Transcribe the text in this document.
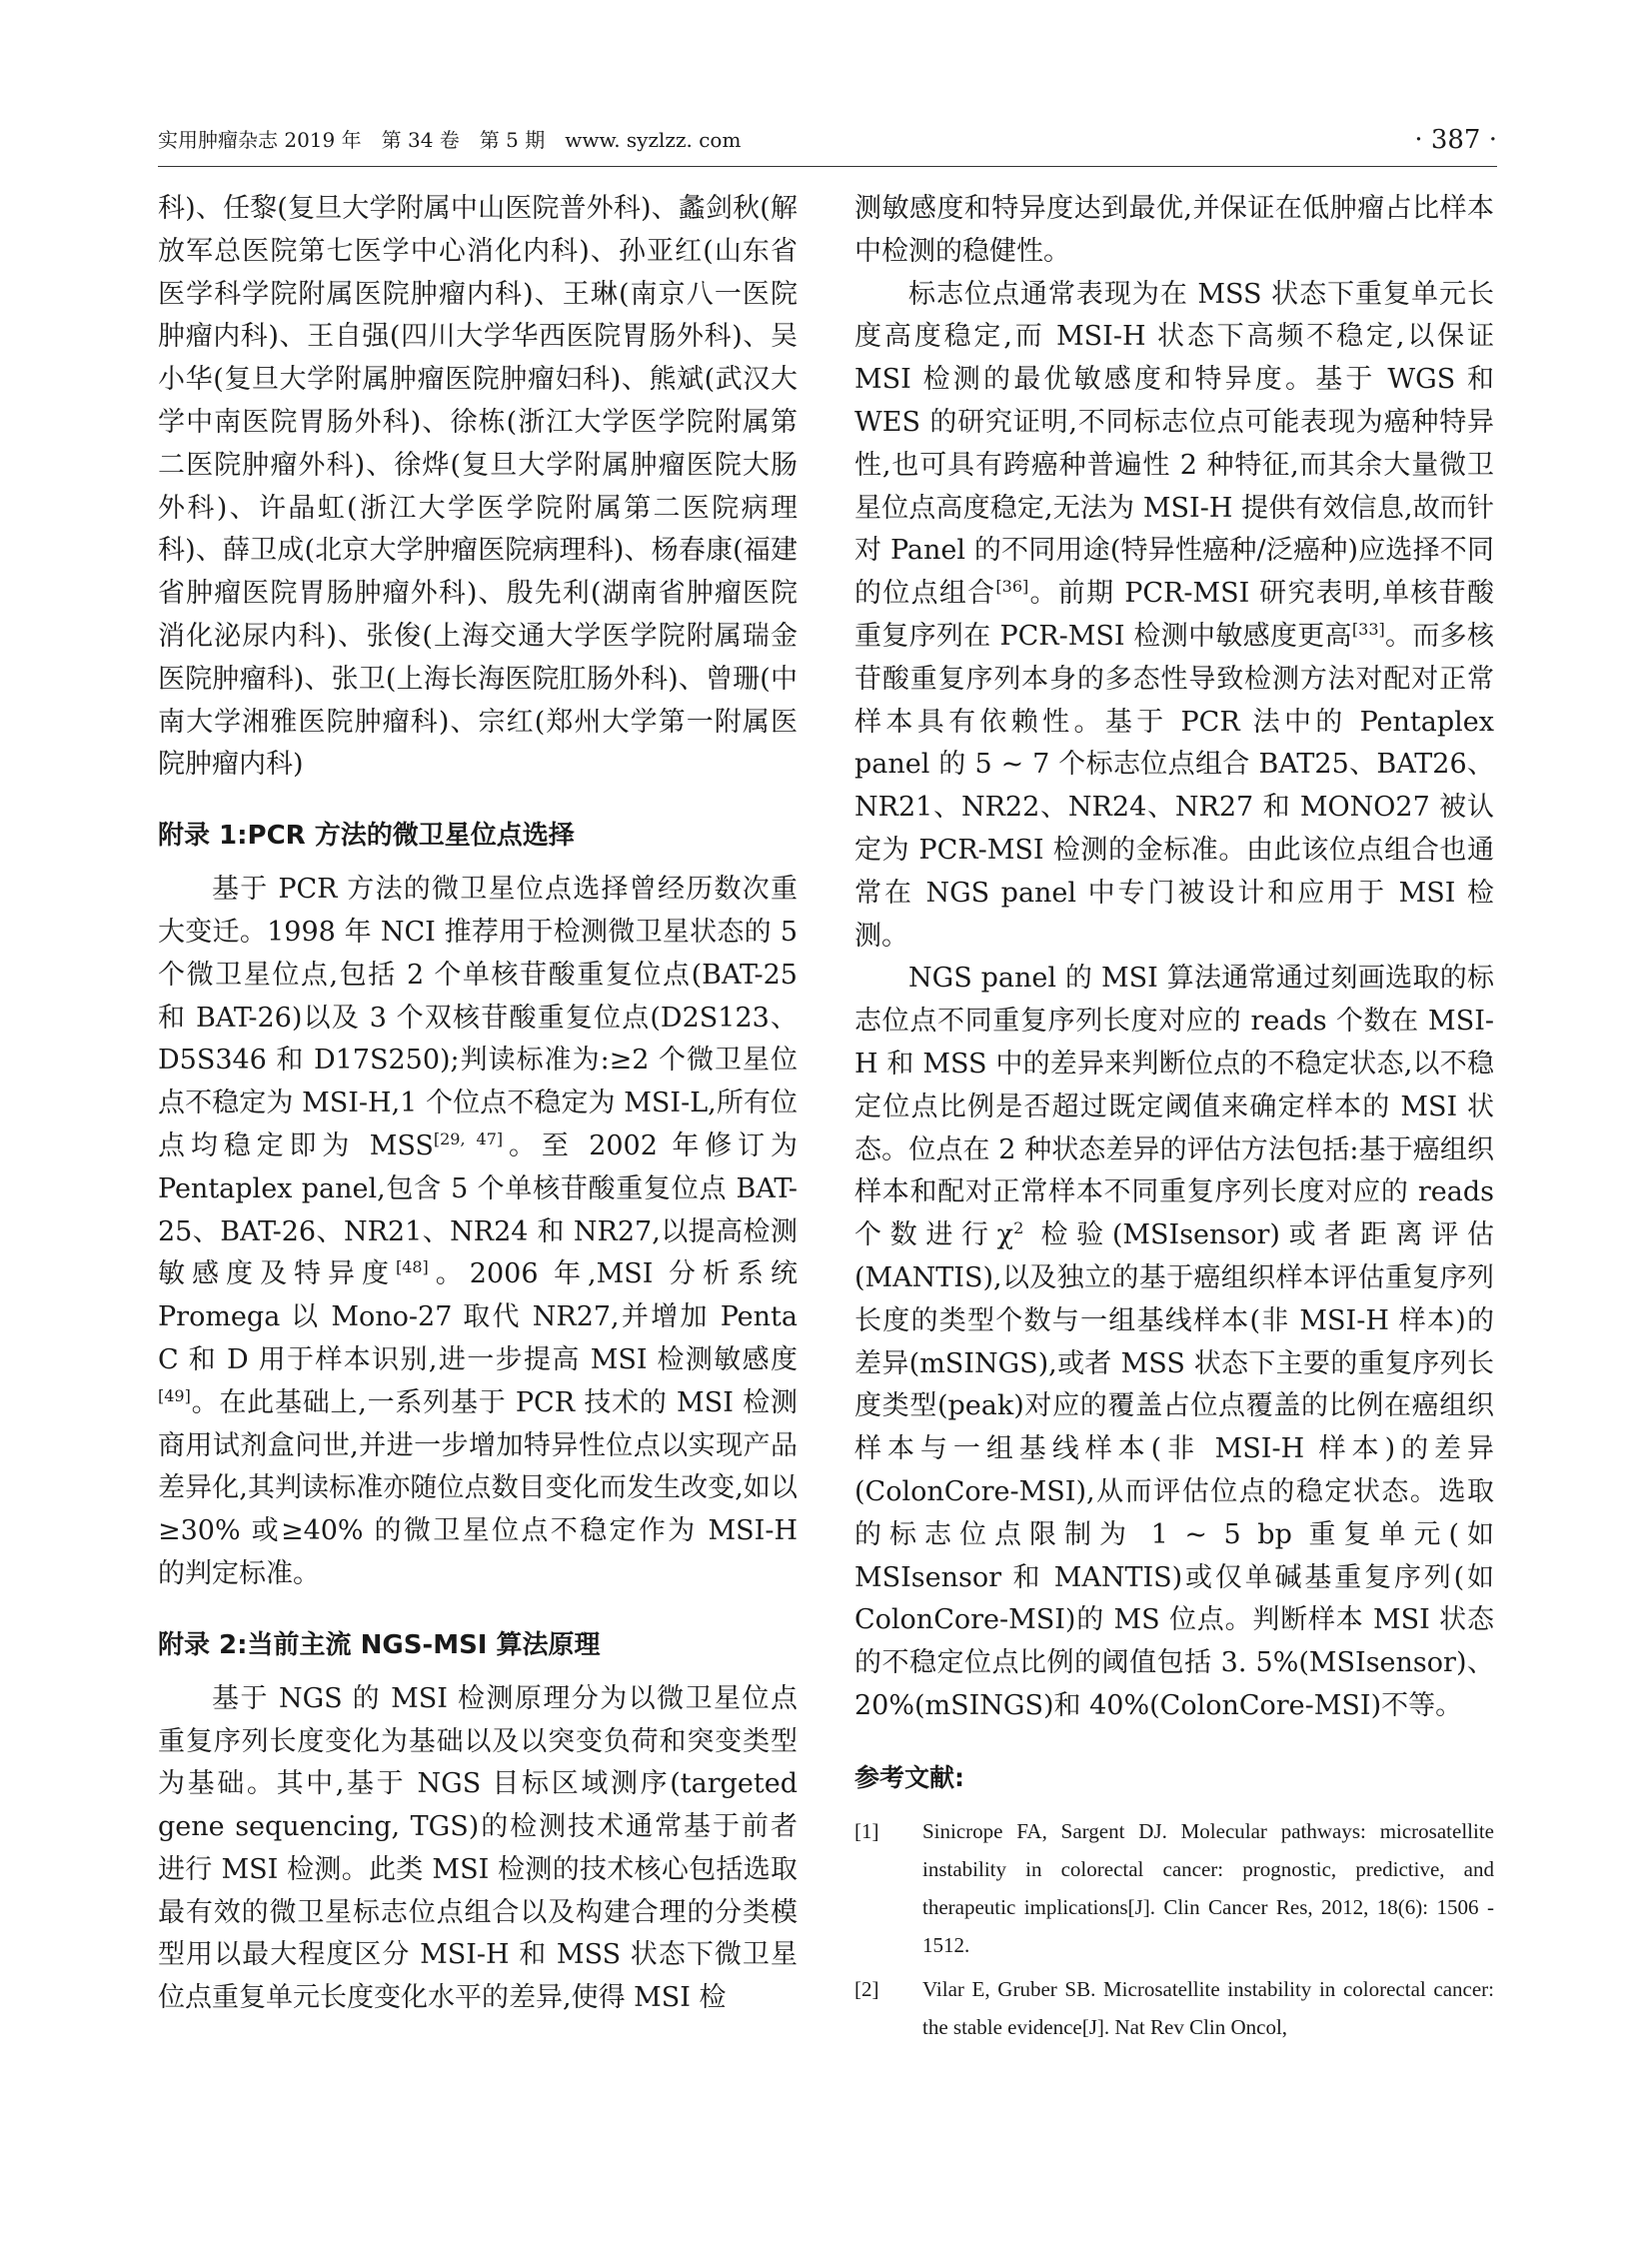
实用肿瘤杂志 2019 年　第 34 卷　第 5 期　www. syzlzz. com	· 387 ·

科)、任黎(复旦大学附属中山医院普外科)、蠡剑秋(解放军总医院第七医学中心消化内科)、孙亚红(山东省医学科学院附属医院肿瘤内科)、王琳(南京八一医院肿瘤内科)、王自强(四川大学华西医院胃肠外科)、吴小华(复旦大学附属肿瘤医院肿瘤妇科)、熊斌(武汉大学中南医院胃肠外科)、徐栋(浙江大学医学院附属第二医院肿瘤外科)、徐烨(复旦大学附属肿瘤医院大肠外科)、许晶虹(浙江大学医学院附属第二医院病理科)、薛卫成(北京大学肿瘤医院病理科)、杨春康(福建省肿瘤医院胃肠肿瘤外科)、殷先利(湖南省肿瘤医院消化泌尿内科)、张俊(上海交通大学医学院附属瑞金医院肿瘤科)、张卫(上海长海医院肛肠外科)、曾珊(中南大学湘雅医院肿瘤科)、宗红(郑州大学第一附属医院肿瘤内科)

附录 1:PCR 方法的微卫星位点选择

基于 PCR 方法的微卫星位点选择曾经历数次重大变迁。1998 年 NCI 推荐用于检测微卫星状态的 5 个微卫星位点,包括 2 个单核苷酸重复位点(BAT-25 和 BAT-26)以及 3 个双核苷酸重复位点(D2S123、D5S346 和 D17S250);判读标准为:≥2 个微卫星位点不稳定为 MSI-H,1 个位点不稳定为 MSI-L,所有位点均稳定即为 MSS[29, 47]。至 2002 年修订为 Pentaplex panel,包含 5 个单核苷酸重复位点 BAT-25、BAT-26、NR21、NR24 和 NR27,以提高检测敏感度及特异度[48]。2006 年,MSI 分析系统 Promega 以 Mono-27 取代 NR27,并增加 Penta C 和 D 用于样本识别,进一步提高 MSI 检测敏感度[49]。在此基础上,一系列基于 PCR 技术的 MSI 检测商用试剂盒问世,并进一步增加特异性位点以实现产品差异化,其判读标准亦随位点数目变化而发生改变,如以≥30% 或≥40% 的微卫星位点不稳定作为 MSI-H 的判定标准。

附录 2:当前主流 NGS-MSI 算法原理

基于 NGS 的 MSI 检测原理分为以微卫星位点重复序列长度变化为基础以及以突变负荷和突变类型为基础。其中,基于 NGS 目标区域测序(targeted gene sequencing, TGS)的检测技术通常基于前者进行 MSI 检测。此类 MSI 检测的技术核心包括选取最有效的微卫星标志位点组合以及构建合理的分类模型用以最大程度区分 MSI-H 和 MSS 状态下微卫星位点重复单元长度变化水平的差异,使得 MSI 检

测敏感度和特异度达到最优,并保证在低肿瘤占比样本中检测的稳健性。

标志位点通常表现为在 MSS 状态下重复单元长度高度稳定,而 MSI-H 状态下高频不稳定,以保证 MSI 检测的最优敏感度和特异度。基于 WGS 和 WES 的研究证明,不同标志位点可能表现为癌种特异性,也可具有跨癌种普遍性 2 种特征,而其余大量微卫星位点高度稳定,无法为 MSI-H 提供有效信息,故而针对 Panel 的不同用途(特异性癌种/泛癌种)应选择不同的位点组合[36]。前期 PCR-MSI 研究表明,单核苷酸重复序列在 PCR-MSI 检测中敏感度更高[33]。而多核苷酸重复序列本身的多态性导致检测方法对配对正常样本具有依赖性。基于 PCR 法中的 Pentaplex panel 的 5 ~ 7 个标志位点组合 BAT25、BAT26、NR21、NR22、NR24、NR27 和 MONO27 被认定为 PCR-MSI 检测的金标准。由此该位点组合也通常在 NGS panel 中专门被设计和应用于 MSI 检测。

NGS panel 的 MSI 算法通常通过刻画选取的标志位点不同重复序列长度对应的 reads 个数在 MSI-H 和 MSS 中的差异来判断位点的不稳定状态,以不稳定位点比例是否超过既定阈值来确定样本的 MSI 状态。位点在 2 种状态差异的评估方法包括:基于癌组织样本和配对正常样本不同重复序列长度对应的 reads 个数进行$\chi^2$ 检验(MSIsensor)或者距离评估(MANTIS),以及独立的基于癌组织样本评估重复序列长度的类型个数与一组基线样本(非 MSI-H 样本)的差异(mSINGS),或者 MSS 状态下主要的重复序列长度类型(peak)对应的覆盖占位点覆盖的比例在癌组织样本与一组基线样本(非 MSI-H 样本)的差异(ColonCore-MSI),从而评估位点的稳定状态。选取的标志位点限制为 1 ~ 5 bp 重复单元(如 MSIsensor 和 MANTIS)或仅单碱基重复序列(如 ColonCore-MSI)的 MS 位点。判断样本 MSI 状态的不稳定位点比例的阈值包括 3. 5%(MSIsensor)、20%(mSINGS)和 40%(ColonCore-MSI)不等。

参考文献:
[1] Sinicrope FA, Sargent DJ. Molecular pathways: microsatellite instability in colorectal cancer: prognostic, predictive, and therapeutic implications[J]. Clin Cancer Res, 2012, 18(6): 1506 - 1512.
[2] Vilar E, Gruber SB. Microsatellite instability in colorectal cancer: the stable evidence[J]. Nat Rev Clin Oncol,
